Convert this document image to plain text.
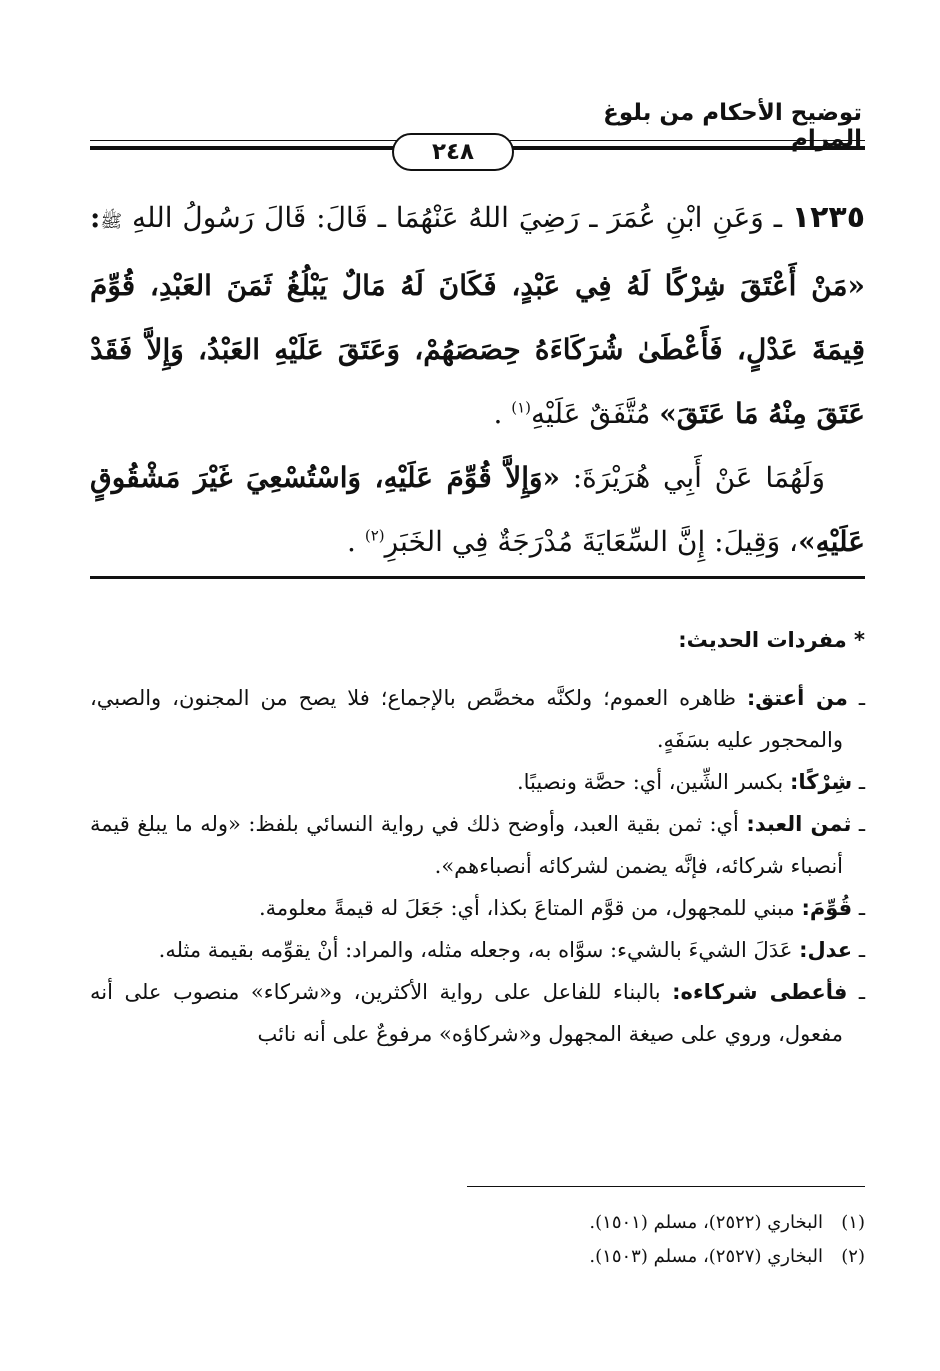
توضيح الأحكام من بلوغ المرام
٢٤٨

١٢٣٥ ـ وَعَنِ ابْنِ عُمَرَ ـ رَضِيَ اللهُ عَنْهُمَا ـ قَالَ: قَالَ رَسُولُ اللهِ ﷺ: «مَنْ أَعْتَقَ شِرْكًا لَهُ فِي عَبْدٍ، فَكَانَ لَهُ مَالٌ يَبْلُغُ ثَمَنَ العَبْدِ، قُوِّمَ قِيمَةَ عَدْلٍ، فَأَعْطَىٰ شُرَكَاءَهُ حِصَصَهُمْ، وَعَتَقَ عَلَيْهِ العَبْدُ، وَإِلاَّ فَقَدْ عَتَقَ مِنْهُ مَا عَتَقَ» مُتَّفَقٌ عَلَيْهِ$^{(١)}$ .

وَلَهُمَا عَنْ أَبِي هُرَيْرَةَ: «وَإِلاَّ قُوِّمَ عَلَيْهِ، وَاسْتُسْعِيَ غَيْرَ مَشْقُوقٍ عَلَيْهِ»، وَقِيلَ: إِنَّ السِّعَايَةَ مُدْرَجَةٌ فِي الخَبَرِ$^{(٢)}$ .

* مفردات الحديث:

ـ من أعتق: ظاهره العموم؛ ولكنَّه مخصَّص بالإجماع؛ فلا يصح من المجنون، والصبي، والمحجور عليه بسَفَهٍ.

ـ شِرْكًا: بكسر الشِّين، أي: حصَّة ونصيبًا.

ـ ثمن العبد: أي: ثمن بقية العبد، وأوضح ذلك في رواية النسائي بلفظ: «وله ما يبلغ قيمة أنصباء شركائه، فإنَّه يضمن لشركائه أنصباءهم».

ـ قُوِّمَ: مبني للمجهول، من قوَّم المتاعَ بكذا، أي: جَعَلَ له قيمةً معلومة.

ـ عدل: عَدَلَ الشيءَ بالشيء: سوَّاه به، وجعله مثله، والمراد: أنْ يقوِّمه بقيمة مثله.

ـ فأعطى شركاءه: بالبناء للفاعل على رواية الأكثرين، و«شركاء» منصوب على أنه مفعول، وروي على صيغة المجهول و«شركاؤه» مرفوعٌ على أنه نائب

(١)البخاري (٢٥٢٢)، مسلم (١٥٠١).

(٢)البخاري (٢٥٢٧)، مسلم (١٥٠٣).
